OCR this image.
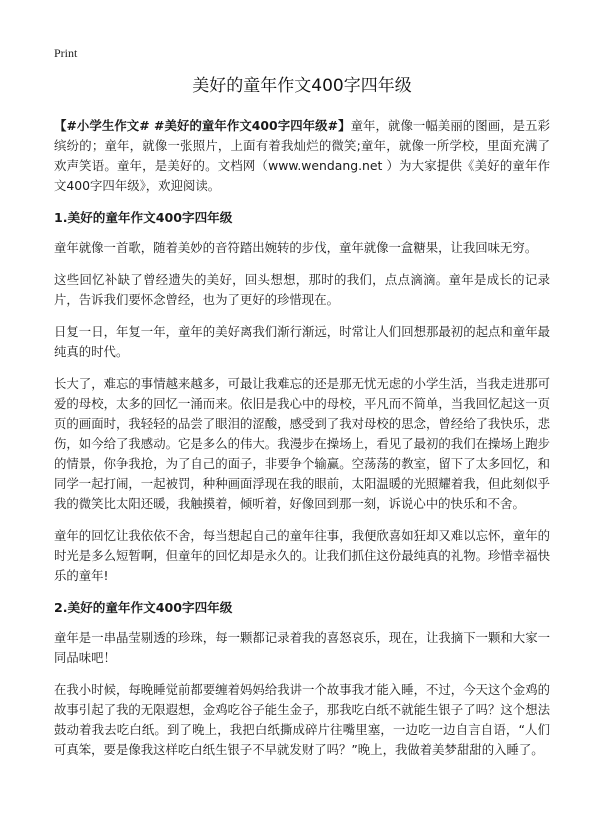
Print
美好的童年作文400字四年级

【#小学生作文# #美好的童年作文400字四年级#】童年，就像一幅美丽的图画，是五彩缤纷的；童年，就像一张照片，上面有着我灿烂的微笑;童年，就像一所学校，里面充满了欢声笑语。童年，是美好的。文档网（www.wendang.net ）为大家提供《美好的童年作文400字四年级》，欢迎阅读。

1.美好的童年作文400字四年级

童年就像一首歌，随着美妙的音符踏出婉转的步伐，童年就像一盒糖果，让我回味无穷。

这些回忆补缺了曾经遗失的美好，回头想想，那时的我们，点点滴滴。童年是成长的记录片，告诉我们要怀念曾经，也为了更好的珍惜现在。

日复一日，年复一年，童年的美好离我们渐行渐远，时常让人们回想那最初的起点和童年最纯真的时代。

长大了，难忘的事情越来越多，可最让我难忘的还是那无忧无虑的小学生活，当我走进那可爱的母校，太多的回忆一涌而来。依旧是我心中的母校，平凡而不简单，当我回忆起这一页页的画面时，我轻轻的品尝了眼泪的涩酸，感受到了我对母校的思念，曾经给了我快乐，悲伤，如今给了我感动。它是多么的伟大。我漫步在操场上，看见了最初的我们在操场上跑步的情景，你争我抢，为了自己的面子，非要争个输赢。空荡荡的教室，留下了太多回忆，和同学一起打闹，一起被罚，种种画面浮现在我的眼前，太阳温暖的光照耀着我，但此刻似乎我的微笑比太阳还暖，我触摸着，倾听着，好像回到那一刻，诉说心中的快乐和不舍。

童年的回忆让我依依不舍，每当想起自己的童年往事，我便欣喜如狂却又难以忘怀，童年的时光是多么短暂啊，但童年的回忆却是永久的。让我们抓住这份最纯真的礼物。珍惜幸福快乐的童年!

2.美好的童年作文400字四年级

童年是一串晶莹剔透的珍珠，每一颗都记录着我的喜怒哀乐，现在，让我摘下一颗和大家一同品味吧！

在我小时候，每晚睡觉前都要缠着妈妈给我讲一个故事我才能入睡，不过，今天这个金鸡的故事引起了我的无限遐想，金鸡吃谷子能生金子，那我吃白纸不就能生银子了吗？这个想法鼓动着我去吃白纸。到了晚上，我把白纸撕成碎片往嘴里塞，一边吃一边自言自语，“人们可真笨，要是像我这样吃白纸生银子不早就发财了吗？”晚上，我做着美梦甜甜的入睡了。
